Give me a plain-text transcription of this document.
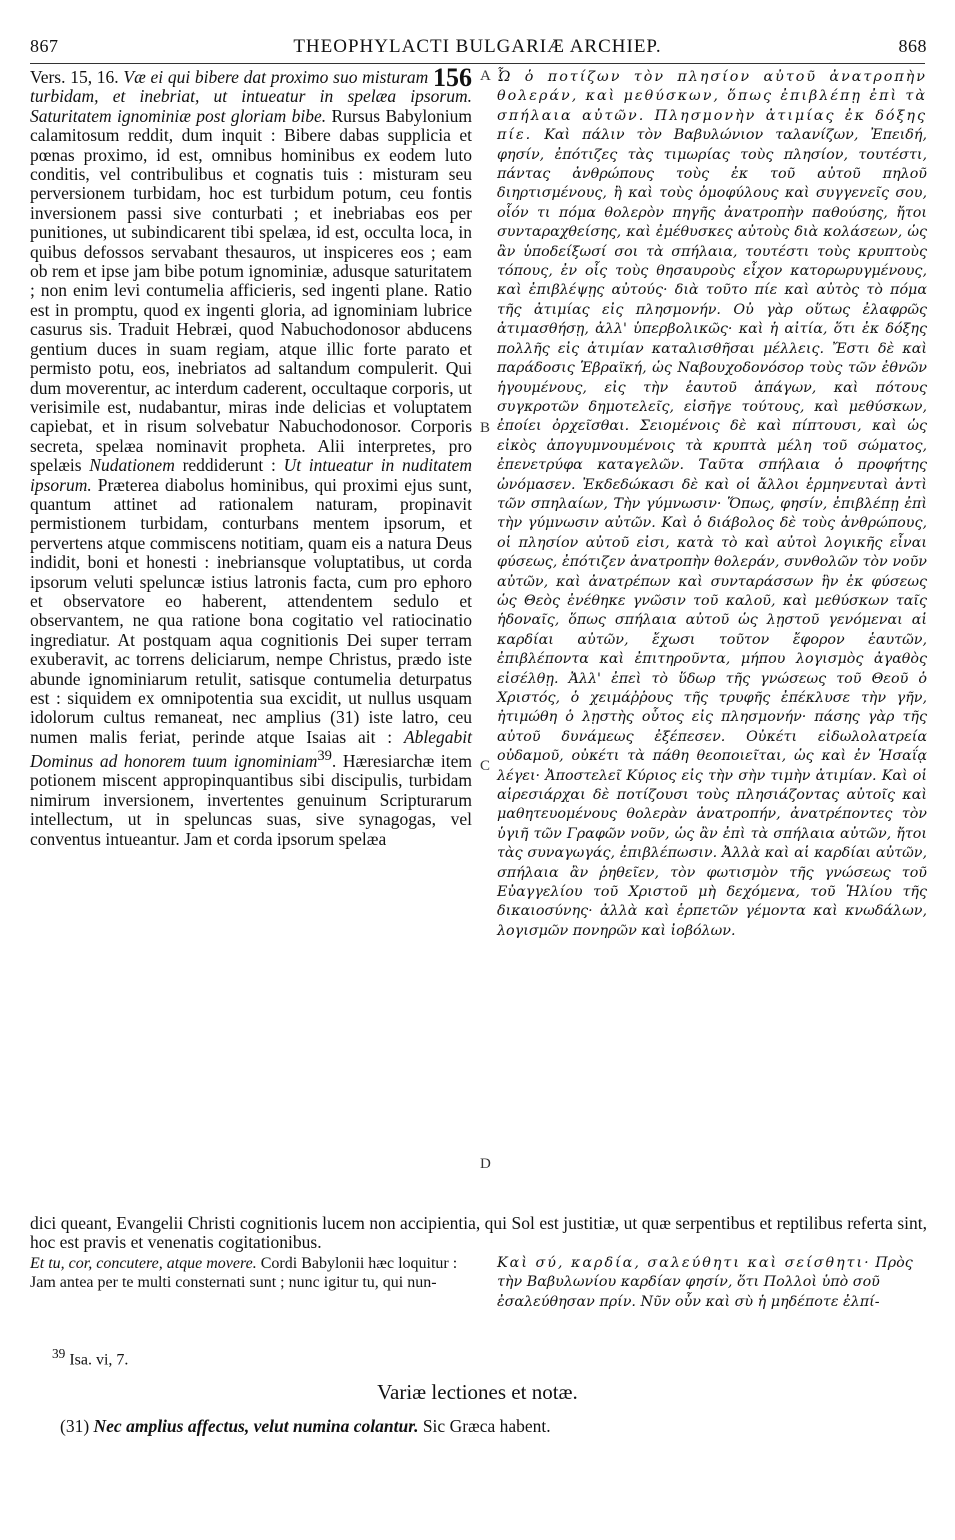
867	THEOPHYLACTI BULGARIÆ ARCHIEP.	868
A
B
C
D

Vers. 15, 16. Væ ei qui bibere dat proximo suo misturam 156 turbidam, et inebriat, ut intueatur in spelæa ipsorum. Saturitatem ignominiæ post gloriam bibe. Rursus Babylonium calamitosum reddit, dum inquit : Bibere dabas supplicia et pœnas proximo, id est, omnibus hominibus ex eodem luto conditis, vel contribulibus et cognatis tuis : misturam seu perversionem turbidam, hoc est turbidum potum, ceu fontis inversionem passi sive conturbati ; et inebriabas eos per punitiones, ut subindicarent tibi spelæa, id est, occulta loca, in quibus defossos servabant thesauros, ut inspiceres eos ; eam ob rem et ipse jam bibe potum ignominiæ, adusque saturitatem ; non enim levi contumelia afficieris, sed ingenti plane. Ratio est in promptu, quod ex ingenti gloria, ad ignominiam lubrice casurus sis. Traduit Hebræi, quod Nabuchodonosor abducens gentium duces in suam regiam, atque illic forte parato et permisto potu, eos, inebriatos ad saltandum compulerit. Qui dum moverentur, ac interdum caderent, occultaque corporis, ut verisimile est, nudabantur, miras inde delicias et voluptatem capiebat, et in risum solvebatur Nabuchodonosor. Corporis secreta, spelæa nominavit propheta. Alii interpretes, pro spelæis Nudationem reddiderunt : Ut intueatur in nuditatem ipsorum. Præterea diabolus hominibus, qui proximi ejus sunt, quantum attinet ad rationalem naturam, propinavit permistionem turbidam, conturbans mentem ipsorum, et pervertens atque commiscens notitiam, quam eis a natura Deus indidit, boni et honesti : inebriansque voluptatibus, ut corda ipsorum veluti speluncæ istius latronis facta, cum pro ephoro et observatore eo haberent, attendentem sedulo et observantem, ne qua ratione bona cogitatio vel ratiocinatio ingrediatur. At postquam aqua cognitionis Dei super terram exuberavit, ac torrens deliciarum, nempe Christus, prædo iste abunde ignominiarum retulit, satisque contumelia deturpatus est : siquidem ex omnipotentia sua excidit, ut nullus usquam idolorum cultus remaneat, nec amplius (31) iste latro, ceu numen malis feriat, perinde atque Isaias ait : Ablegabit Dominus ad honorem tuum ignominiam$^{39}$. Hæresiarchæ item potionem miscent appropinquantibus sibi discipulis, turbidam nimirum inversionem, invertentes genuinum Scripturarum intellectum, ut in speluncas suas, sive synagogas, vel conventus intueantur. Jam et corda ipsorum spelæa

Ὦ ὁ ποτίζων τὸν πλησίον αὐτοῦ ἀνατροπὴν θολεράν, καὶ μεθύσκων, ὅπως ἐπιβλέπῃ ἐπὶ τὰ σπήλαια αὐτῶν. Πλησμονὴν ἀτιμίας ἐκ δόξης πίε. Καὶ πάλιν τὸν Βαβυλώνιον ταλανίζων, Ἐπειδή, φησίν, ἐπότιζες τὰς τιμωρίας τοὺς πλησίον, τουτέστι, πάντας ἀνθρώπους τοὺς ἐκ τοῦ αὐτοῦ πηλοῦ διηρτισμένους, ἢ καὶ τοὺς ὁμοφύλους καὶ συγγενεῖς σου, οἷόν τι πόμα θολερὸν πηγῆς ἀνατροπὴν παθούσης, ἤτοι συνταραχθείσης, καὶ ἐμέθυσκες αὐτοὺς διὰ κολάσεων, ὡς ἂν ὑποδείξωσί σοι τὰ σπήλαια, τουτέστι τοὺς κρυπτοὺς τόπους, ἐν οἷς τοὺς θησαυροὺς εἶχον κατορωρυγμένους, καὶ ἐπιβλέψῃς αὐτούς· διὰ τοῦτο πίε καὶ αὐτὸς τὸ πόμα τῆς ἀτιμίας εἰς πλησμονήν. Οὐ γὰρ οὕτως ἐλαφρῶς ἀτιμασθήσῃ, ἀλλ' ὑπερβολικῶς· καὶ ἡ αἰτία, ὅτι ἐκ δόξης πολλῆς εἰς ἀτιμίαν καταλισθῆσαι μέλλεις. Ἔστι δὲ καὶ παράδοσις Ἑβραϊκή, ὡς Ναβουχοδονόσορ τοὺς τῶν ἐθνῶν ἡγουμένους, εἰς τὴν ἑαυτοῦ ἀπάγων, καὶ πότους συγκροτῶν δημοτελεῖς, εἰσῆγε τούτους, καὶ μεθύσκων, ἐποίει ὀρχεῖσθαι. Σειομένοις δὲ καὶ πίπτουσι, καὶ ὡς εἰκὸς ἀπογυμνουμένοις τὰ κρυπτὰ μέλη τοῦ σώματος, ἐπενετρύφα καταγελῶν. Ταῦτα σπήλαια ὁ προφήτης ὠνόμασεν. Ἐκδεδώκασι δὲ καὶ οἱ ἄλλοι ἑρμηνευταὶ ἀντὶ τῶν σπηλαίων, Τὴν γύμνωσιν· Ὅπως, φησίν, ἐπιβλέπῃ ἐπὶ τὴν γύμνωσιν αὐτῶν. Καὶ ὁ διάβολος δὲ τοὺς ἀνθρώπους, οἱ πλησίον αὐτοῦ εἰσι, κατὰ τὸ καὶ αὐτοὶ λογικῆς εἶναι φύσεως, ἐπότιζεν ἀνατροπὴν θολεράν, συνθολῶν τὸν νοῦν αὐτῶν, καὶ ἀνατρέπων καὶ συνταράσσων ἣν ἐκ φύσεως ὡς Θεὸς ἐνέθηκε γνῶσιν τοῦ καλοῦ, καὶ μεθύσκων ταῖς ἡδοναῖς, ὅπως σπήλαια αὐτοῦ ὡς λῃστοῦ γενόμεναι αἱ καρδίαι αὐτῶν, ἔχωσι τοῦτον ἔφορον ἑαυτῶν, ἐπιβλέποντα καὶ ἐπιτηροῦντα, μήπου λογισμὸς ἀγαθὸς εἰσέλθῃ. Ἀλλ' ἐπεὶ τὸ ὕδωρ τῆς γνώσεως τοῦ Θεοῦ ὁ Χριστός, ὁ χειμάῤῥους τῆς τρυφῆς ἐπέκλυσε τὴν γῆν, ἠτιμώθη ὁ λῃστὴς οὗτος εἰς πλησμονήν· πάσης γὰρ τῆς αὐτοῦ δυνάμεως ἐξέπεσεν. Οὐκέτι εἰδωλολατρεία οὐδαμοῦ, οὐκέτι τὰ πάθη θεοποιεῖται, ὡς καὶ ἐν Ἡσαΐᾳ λέγει· Ἀποστελεῖ Κύριος εἰς τὴν σὴν τιμὴν ἀτιμίαν. Καὶ οἱ αἱρεσιάρχαι δὲ ποτίζουσι τοὺς πλησιάζοντας αὐτοῖς καὶ μαθητευομένους θολερὰν ἀνατροπήν, ἀνατρέποντες τὸν ὑγιῆ τῶν Γραφῶν νοῦν, ὡς ἂν ἐπὶ τὰ σπήλαια αὐτῶν, ἤτοι τὰς συναγωγάς, ἐπιβλέπωσιν. Ἀλλὰ καὶ αἱ καρδίαι αὐτῶν, σπήλαια ἂν ῥηθεῖεν, τὸν φωτισμὸν τῆς γνώσεως τοῦ Εὐαγγελίου τοῦ Χριστοῦ μὴ δεχόμενα, τοῦ Ἡλίου τῆς δικαιοσύνης· ἀλλὰ καὶ ἑρπετῶν γέμοντα καὶ κνωδάλων, λογισμῶν πονηρῶν καὶ ἰοβόλων.

dici queant, Evangelii Christi cognitionis lucem non accipientia, qui Sol est justitiæ, ut quæ serpentibus et reptilibus referta sint, hoc est pravis et venenatis cogitationibus.

Et tu, cor, concutere, atque movere. Cordi Babylonii hæc loquitur : Jam antea per te multi consternati sunt ; nunc igitur tu, qui nun-

Καὶ σύ, καρδία, σαλεύθητι καὶ σείσθητι· Πρὸς τὴν Βαβυλωνίου καρδίαν φησίν, ὅτι Πολλοὶ ὑπὸ σοῦ ἐσαλεύθησαν πρίν. Νῦν οὖν καὶ σὺ ἡ μηδέποτε ἐλπί-

$^{39}$ Isa. vi, 7.
Variæ lectiones et notæ.
(31) Nec amplius affectus, velut numina colantur. Sic Græca habent.
